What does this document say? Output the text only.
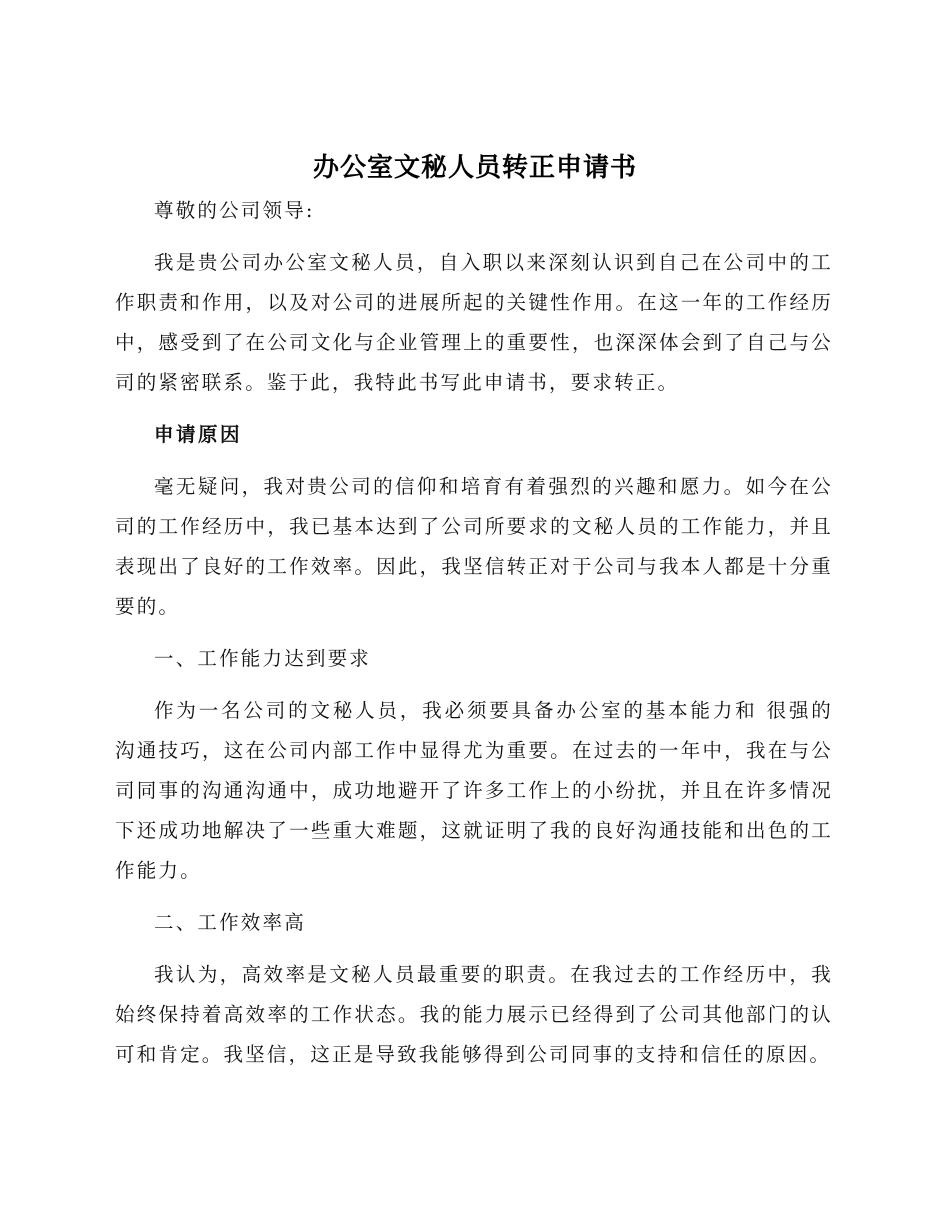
办公室文秘人员转正申请书

尊敬的公司领导:

我是贵公司办公室文秘人员，自入职以来深刻认识到自己在公司中的工作职责和作用，以及对公司的进展所起的关键性作用。在这一年的工作经历中，感受到了在公司文化与企业管理上的重要性，也深深体会到了自己与公司的紧密联系。鉴于此，我特此书写此申请书，要求转正。

申请原因

毫无疑问，我对贵公司的信仰和培育有着强烈的兴趣和愿力。如今在公司的工作经历中，我已基本达到了公司所要求的文秘人员的工作能力，并且表现出了良好的工作效率。因此，我坚信转正对于公司与我本人都是十分重要的。

一、工作能力达到要求

作为一名公司的文秘人员，我必须要具备办公室的基本能力和 很强的沟通技巧，这在公司内部工作中显得尤为重要。在过去的一年中，我在与公司同事的沟通沟通中，成功地避开了许多工作上的小纷扰，并且在许多情况下还成功地解决了一些重大难题，这就证明了我的良好沟通技能和出色的工作能力。

二、工作效率高

我认为，高效率是文秘人员最重要的职责。在我过去的工作经历中，我始终保持着高效率的工作状态。我的能力展示已经得到了公司其他部门的认可和肯定。我坚信，这正是导致我能够得到公司同事的支持和信任的原因。
